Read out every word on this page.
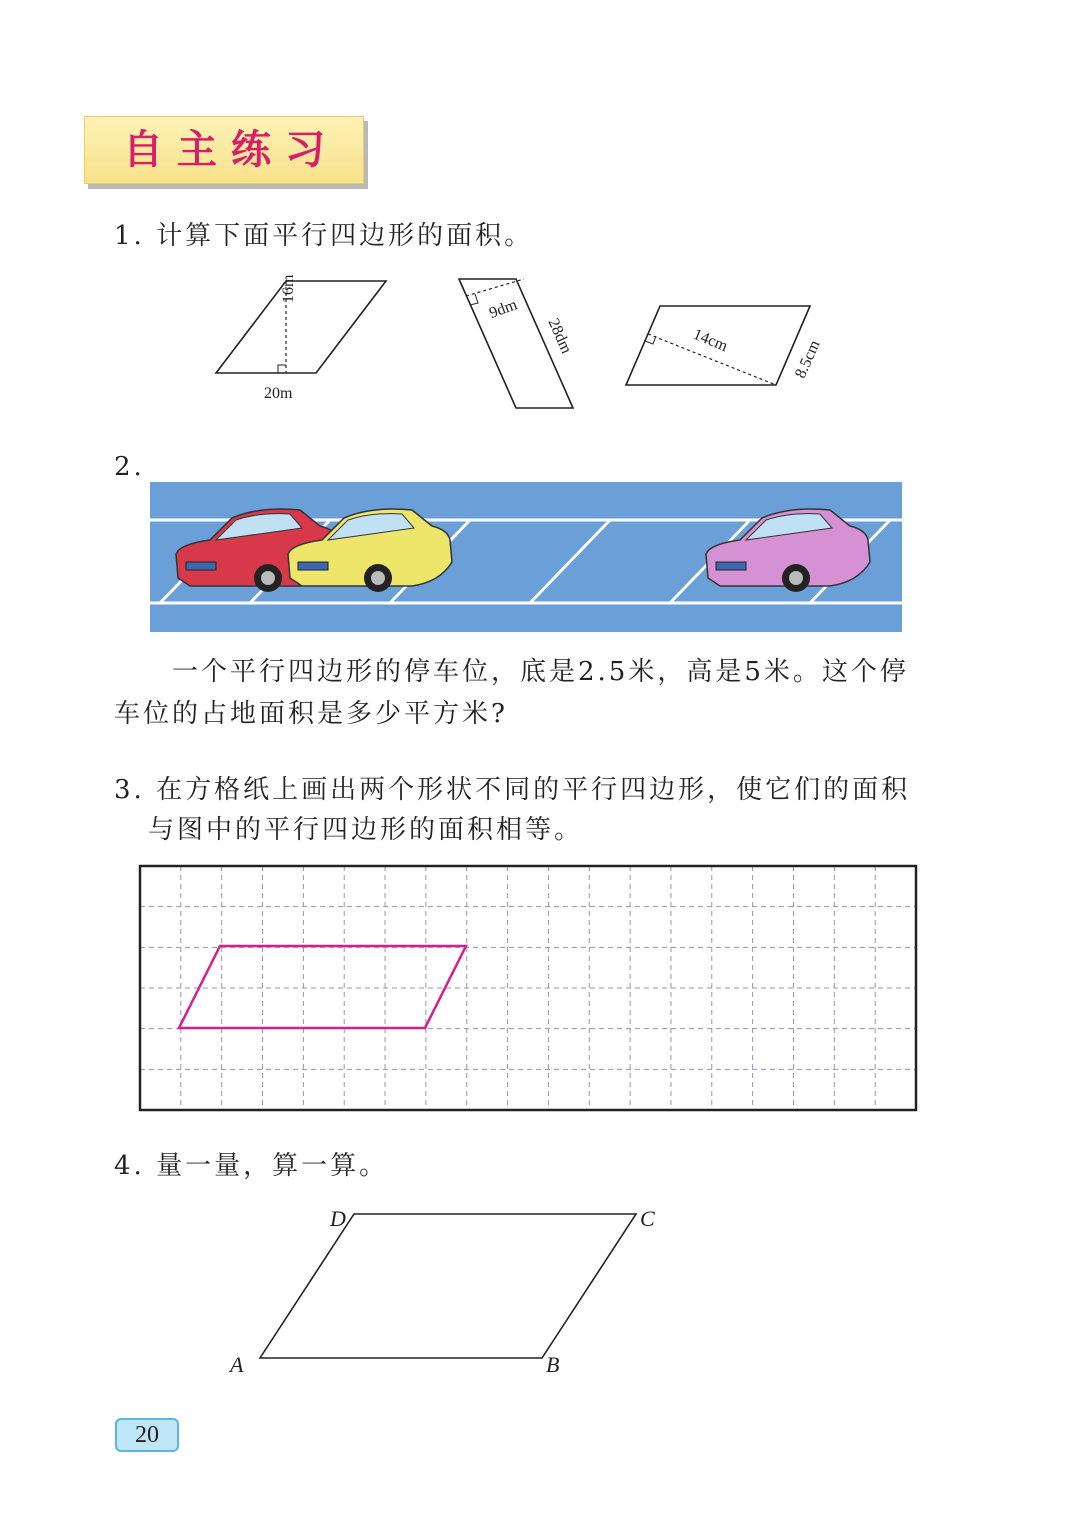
自主练习
1. 计算下面平行四边形的面积。
16m
20m
9dm
28dm	14cm	8.5cm
2.
一个平行四边形的停车位，底是2.5米，高是5米。这个停
车位的占地面积是多少平方米?
3. 在方格纸上画出两个形状不同的平行四边形，使它们的面积
与图中的平行四边形的面积相等。
4. 量一量，算一算。
A	B
C
D
20
